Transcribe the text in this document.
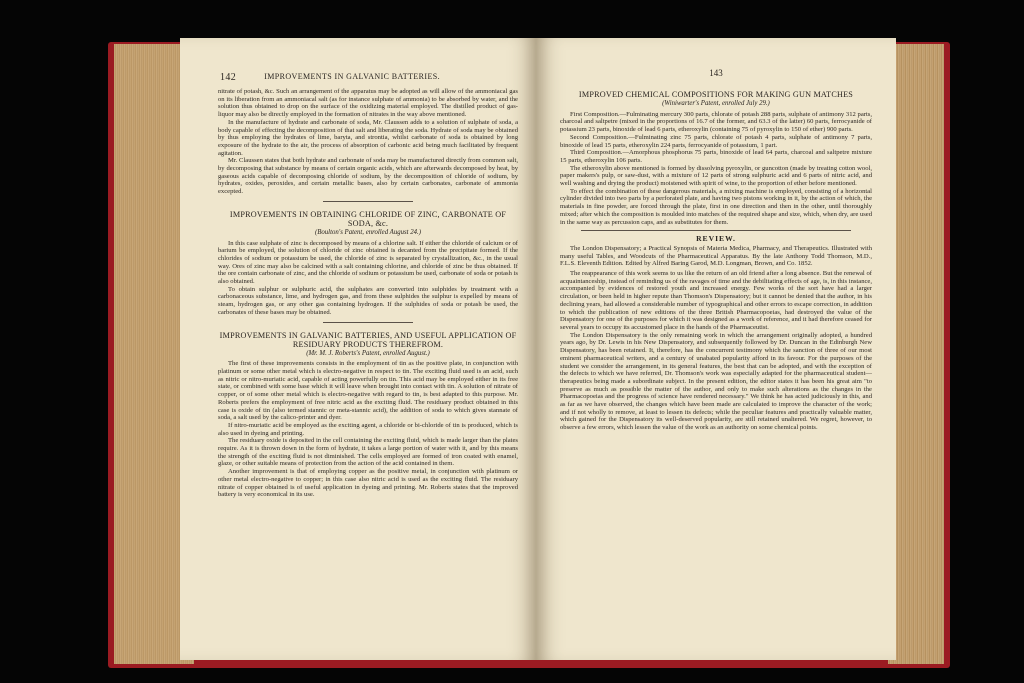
142	IMPROVEMENTS IN GALVANIC BATTERIES.

nitrate of potash, &c. Such an arrangement of the apparatus may be adopted as will allow of the ammoniacal gas on its liberation from an ammoniacal salt (as for instance sulphate of ammonia) to be absorbed by water, and the solution thus obtained to drop on the surface of the oxidizing material employed. The distilled product of gas-liquor may also be directly employed in the formation of nitrates in the way above mentioned.

In the manufacture of hydrate and carbonate of soda, Mr. Claussen adds to a solution of sulphate of soda, a body capable of effecting the decomposition of that salt and liberating the soda. Hydrate of soda may be obtained by thus employing the hydrates of lime, baryta, and strontia, whilst carbonate of soda is obtained by long exposure of the hydrate to the air, the process of absorption of carbonic acid being much facilitated by frequent agitation.

Mr. Claussen states that both hydrate and carbonate of soda may be manufactured directly from common salt, by decomposing that substance by means of certain organic acids, which are afterwards decomposed by heat, by gaseous acids capable of decomposing chloride of sodium, by the decomposition of chloride of sodium, by hydrates, oxides, peroxides, and certain metallic bases, also by certain carbonates, carbonate of ammonia excepted.

IMPROVEMENTS IN OBTAINING CHLORIDE OF ZINC, CARBONATE OF SODA, &c.

(Boulton's Patent, enrolled August 24.)

In this case sulphate of zinc is decomposed by means of a chlorine salt. If either the chloride of calcium or of barium be employed, the solution of chloride of zinc obtained is decanted from the precipitate formed. If the chlorides of sodium or potassium be used, the chloride of zinc is separated by crystallization, &c., in the usual way. Ores of zinc may also be calcined with a salt containing chlorine, and chloride of zinc be thus obtained. If the ore contain carbonate of zinc, and the chloride of sodium or potassium be used, carbonate of soda or potash is also obtained.

To obtain sulphur or sulphuric acid, the sulphates are converted into sulphides by treatment with a carbonaceous substance, lime, and hydrogen gas, and from these sulphides the sulphur is expelled by means of steam, hydrogen gas, or any other gas containing hydrogen. If the sulphides of soda or potash be used, the carbonates of these bases may be obtained.

IMPROVEMENTS IN GALVANIC BATTERIES, AND USEFUL APPLICATION OF RESIDUARY PRODUCTS THEREFROM.

(Mr. M. J. Roberts's Patent, enrolled August.)

The first of these improvements consists in the employment of tin as the positive plate, in conjunction with platinum or some other metal which is electro-negative in respect to tin. The exciting fluid used is an acid, such as nitric or nitro-muriatic acid, capable of acting powerfully on tin. This acid may be employed either in its free state, or combined with some base which it will leave when brought into contact with tin. A solution of nitrate of copper, or of some other metal which is electro-negative with regard to tin, is best adapted to this purpose. Mr. Roberts prefers the employment of free nitric acid as the exciting fluid. The residuary product obtained in this case is oxide of tin (also termed stannic or meta-stannic acid), the addition of soda to which gives stannate of soda, a salt used by the calico-printer and dyer.

If nitro-muriatic acid be employed as the exciting agent, a chloride or bi-chloride of tin is produced, which is also used in dyeing and printing.

The residuary oxide is deposited in the cell containing the exciting fluid, which is made larger than the plates require. As it is thrown down in the form of hydrate, it takes a large portion of water with it, and by this means the strength of the exciting fluid is not diminished. The cells employed are formed of iron coated with enamel, glaze, or other suitable means of protection from the action of the acid contained in them.

Another improvement is that of employing copper as the positive metal, in conjunction with platinum or other metal electro-negative to copper; in this case also nitric acid is used as the exciting fluid. The residuary nitrate of copper obtained is of useful application in dyeing and printing. Mr. Roberts states that the improved battery is very economical in its use.

143

IMPROVED CHEMICAL COMPOSITIONS FOR MAKING GUN MATCHES

(Winiwarter's Patent, enrolled July 29.)

First Composition.—Fulminating mercury 300 parts, chlorate of potash 288 parts, sulphate of antimony 312 parts, charcoal and saltpetre (mixed in the proportions of 16.7 of the former, and 63.3 of the latter) 60 parts, ferrocyanide of potassium 23 parts, binoxide of lead 6 parts, etheroxylin (containing 75 of pyroxylin to 150 of ether) 900 parts.

Second Composition.—Fulminating zinc 75 parts, chlorate of potash 4 parts, sulphate of antimony 7 parts, binoxide of lead 15 parts, etheroxylin 224 parts, ferrocyanide of potassium, 1 part.

Third Composition.—Amorphous phosphorus 75 parts, binoxide of lead 64 parts, charcoal and saltpetre mixture 15 parts, etheroxylin 106 parts.

The etheroxylin above mentioned is formed by dissolving pyroxylin, or guncotton (made by treating cotton wool, paper makers's pulp, or saw-dust, with a mixture of 12 parts of strong sulphuric acid and 6 parts of nitric acid, and well washing and drying the product) moistened with spirit of wine, to the proportion of ether before mentioned.

To effect the combination of these dangerous materials, a mixing machine is employed, consisting of a horizontal cylinder divided into two parts by a perforated plate, and having two pistons working in it, by the action of which, the materials in fine powder, are forced through the plate, first in one direction and then in the other, until thoroughly mixed; after which the composition is moulded into matches of the required shape and size, which, when dry, are used in the same way as percussion caps, and as substitutes for them.

REVIEW.

The London Dispensatory; a Practical Synopsis of Materia Medica, Pharmacy, and Therapeutics. Illustrated with many useful Tables, and Woodcuts of the Pharmaceutical Apparatus. By the late Anthony Todd Thomson, M.D., F.L.S. Eleventh Edition. Edited by Alfred Baring Garod, M.D. Longman, Brown, and Co. 1852.

The reappearance of this work seems to us like the return of an old friend after a long absence. But the renewal of acquaintanceship, instead of reminding us of the ravages of time and the debilitating effects of age, is, in this instance, accompanied by evidences of restored youth and increased energy. Few works of the sort have had a larger circulation, or been held in higher repute than Thomson's Dispensatory; but it cannot be denied that the author, in his declining years, had allowed a considerable number of typographical and other errors to escape correction, in addition to which the publication of new editions of the three British Pharmacopoeias, had destroyed the value of the Dispensatory for one of the purposes for which it was designed as a work of reference, and it had therefore ceased for several years to occupy its accustomed place in the hands of the Pharmaceutist.

The London Dispensatory is the only remaining work in which the arrangement originally adopted, a hundred years ago, by Dr. Lewis in his New Dispensatory, and subsequently followed by Dr. Duncan in the Edinburgh New Dispensatory, has been retained. It, therefore, has the concurrent testimony which the sanction of three of our most eminent pharmaceutical writers, and a century of unabated popularity afford in its favour. For the purposes of the student we consider the arrangement, in its general features, the best that can be adopted, and with the exception of the defects to which we have referred, Dr. Thomson's work was especially adapted for the pharmaceutical student—therapeutics being made a subordinate subject. In the present edition, the editor states it has been his great aim "to preserve as much as possible the matter of the author, and only to make such alterations as the changes in the Pharmacopoeias and the progress of science have rendered necessary." We think he has acted judiciously in this, and as far as we have observed, the changes which have been made are calculated to improve the character of the work; and if not wholly to remove, at least to lessen its defects; while the peculiar features and practically valuable matter, which gained for the Dispensatory its well-deserved popularity, are still retained unaltered. We regret, however, to observe a few errors, which lessen the value of the work as an authority on some chemical points.
